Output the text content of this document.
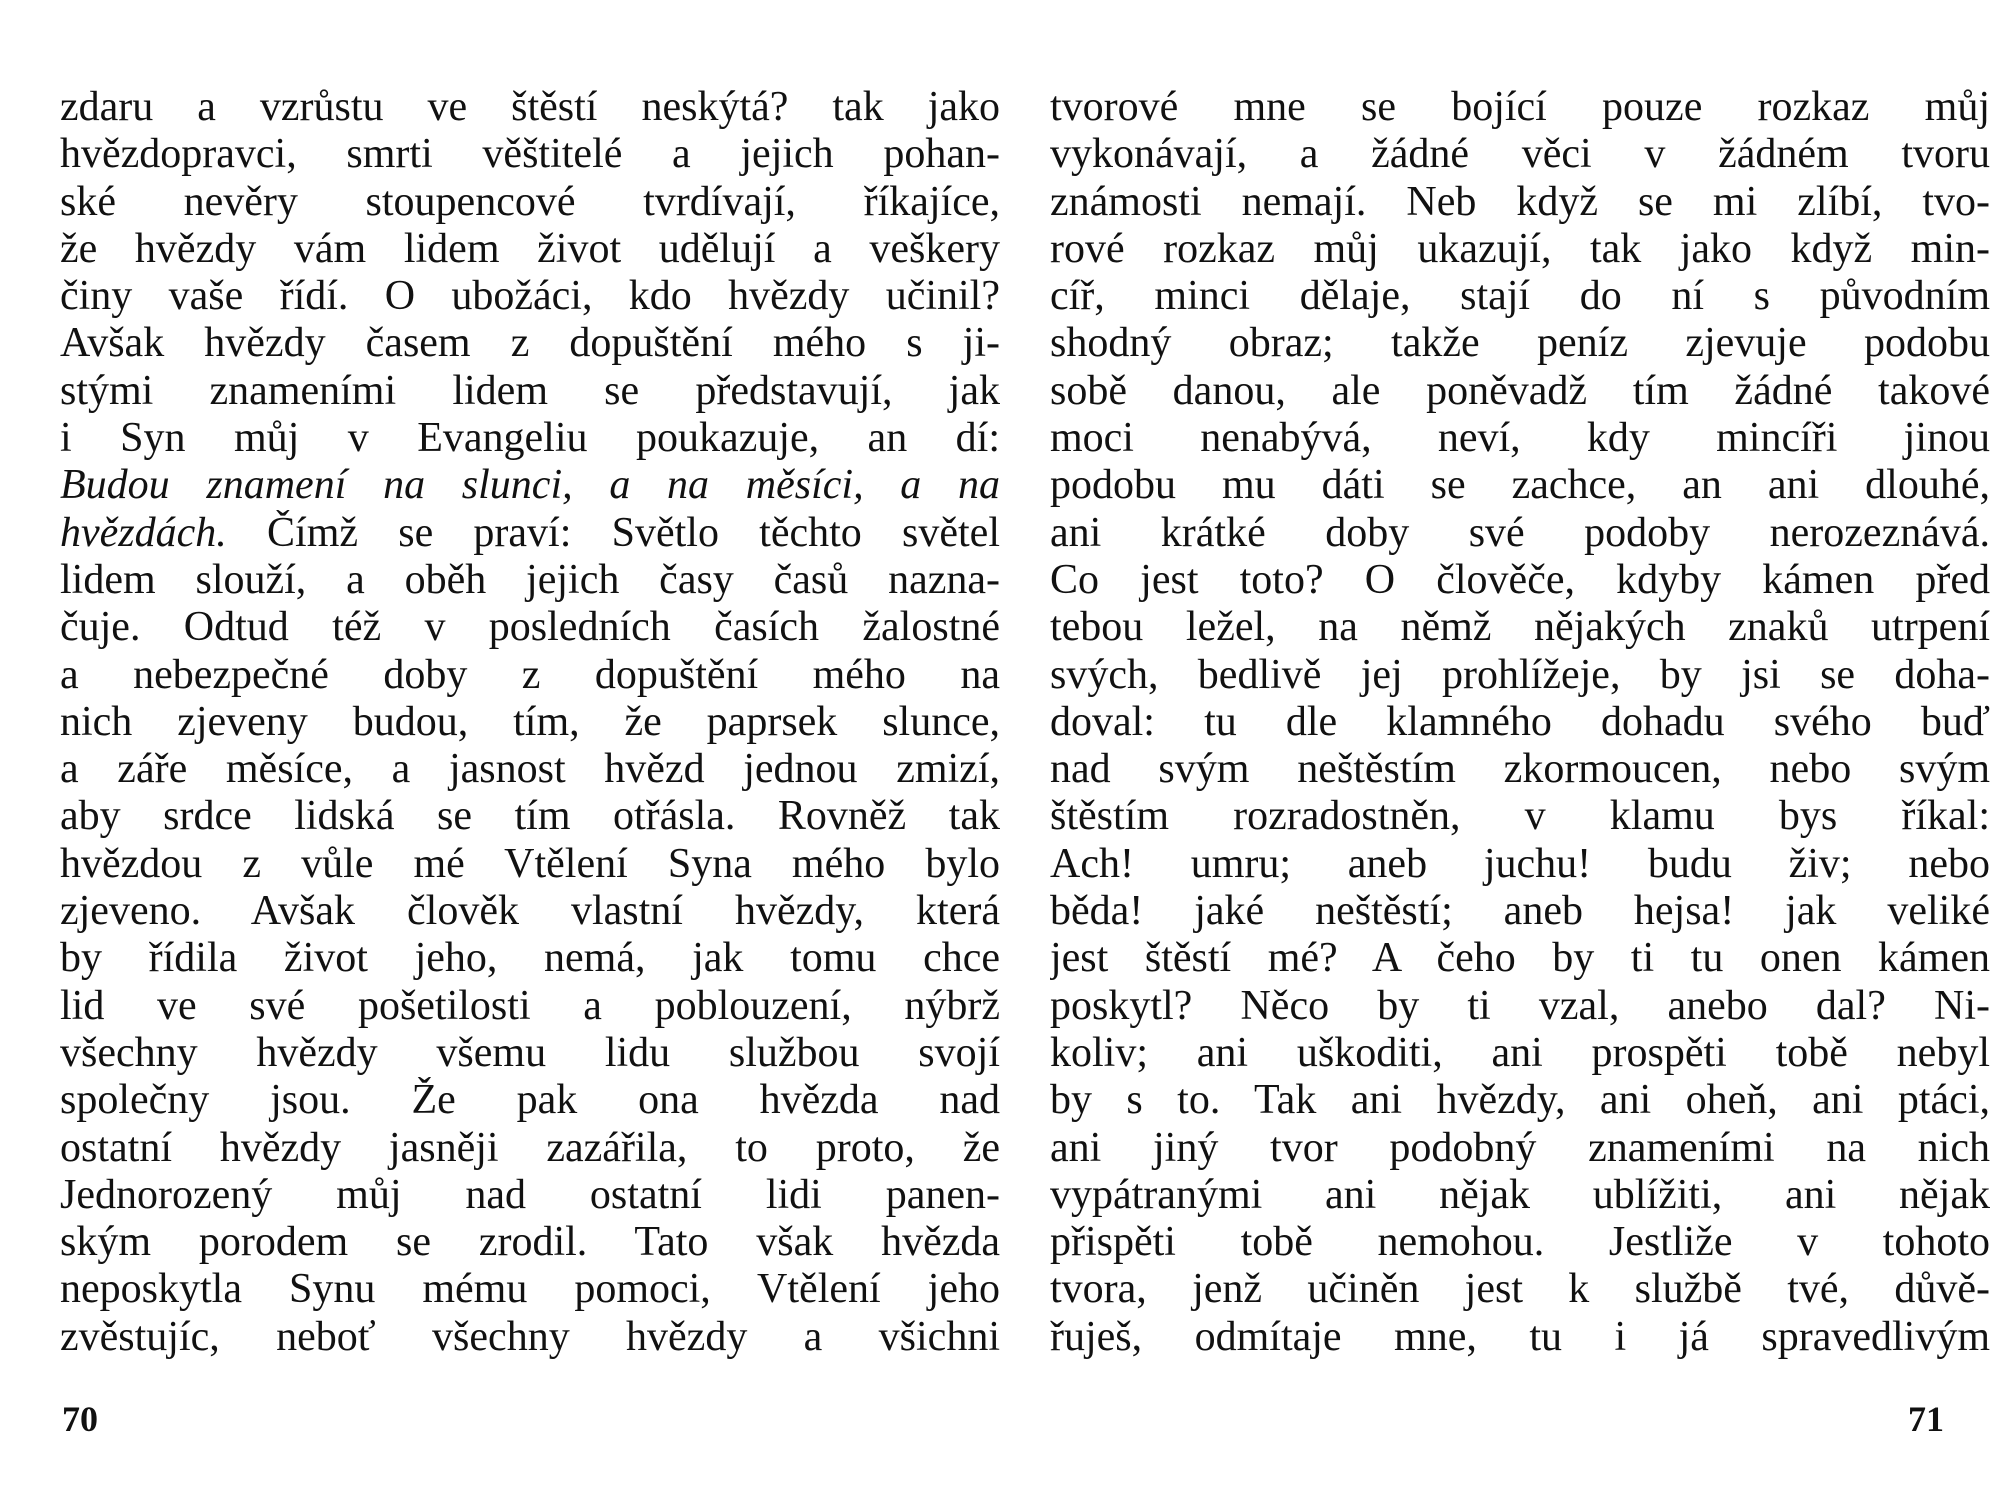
zdaru a vzrůstu ve štěstí neskýtá? tak jako
hvězdopravci, smrti věštitelé a jejich pohan-
ské nevěry stoupencové tvrdívají, říkajíce,
že hvězdy vám lidem život udělují a veškery
činy vaše řídí. O ubožáci, kdo hvězdy učinil?
Avšak hvězdy časem z dopuštění mého s ji-
stými znameními lidem se představují, jak
i Syn můj v Evangeliu poukazuje, an dí:
Budou znamení na slunci, a na měsíci, a na
hvězdách. Čímž se praví: Světlo těchto světel
lidem slouží, a oběh jejich časy časů nazna-
čuje. Odtud též v posledních časích žalostné
a nebezpečné doby z dopuštění mého na
nich zjeveny budou, tím, že paprsek slunce,
a záře měsíce, a jasnost hvězd jednou zmizí,
aby srdce lidská se tím otřásla. Rovněž tak
hvězdou z vůle mé Vtělení Syna mého bylo
zjeveno. Avšak člověk vlastní hvězdy, která
by řídila život jeho, nemá, jak tomu chce
lid ve své pošetilosti a poblouzení, nýbrž
všechny hvězdy všemu lidu službou svojí
společny jsou. Že pak ona hvězda nad
ostatní hvězdy jasněji zazářila, to proto, že
Jednorozený můj nad ostatní lidi panen-
ským porodem se zrodil. Tato však hvězda
neposkytla Synu mému pomoci, Vtělení jeho
zvěstujíc, neboť všechny hvězdy a všichni
tvorové mne se bojící pouze rozkaz můj
vykonávají, a žádné věci v žádném tvoru
známosti nemají. Neb když se mi zlíbí, tvo-
rové rozkaz můj ukazují, tak jako když min-
cíř, minci dělaje, stají do ní s původním
shodný obraz; takže peníz zjevuje podobu
sobě danou, ale poněvadž tím žádné takové
moci nenabývá, neví, kdy mincíři jinou
podobu mu dáti se zachce, an ani dlouhé,
ani krátké doby své podoby nerozeznává.
Co jest toto? O člověče, kdyby kámen před
tebou ležel, na němž nějakých znaků utrpení
svých, bedlivě jej prohlížeje, by jsi se doha-
doval: tu dle klamného dohadu svého buď
nad svým neštěstím zkormoucen, nebo svým
štěstím rozradostněn, v klamu bys říkal:
Ach! umru; aneb juchu! budu živ; nebo
běda! jaké neštěstí; aneb hejsa! jak veliké
jest štěstí mé? A čeho by ti tu onen kámen
poskytl? Něco by ti vzal, anebo dal? Ni-
koliv; ani uškoditi, ani prospěti tobě nebyl
by s to. Tak ani hvězdy, ani oheň, ani ptáci,
ani jiný tvor podobný znameními na nich
vypátranými ani nějak ublížiti, ani nějak
přispěti tobě nemohou. Jestliže v tohoto
tvora, jenž učiněn jest k službě tvé, důvě-
řuješ, odmítaje mne, tu i já spravedlivým
70	71
